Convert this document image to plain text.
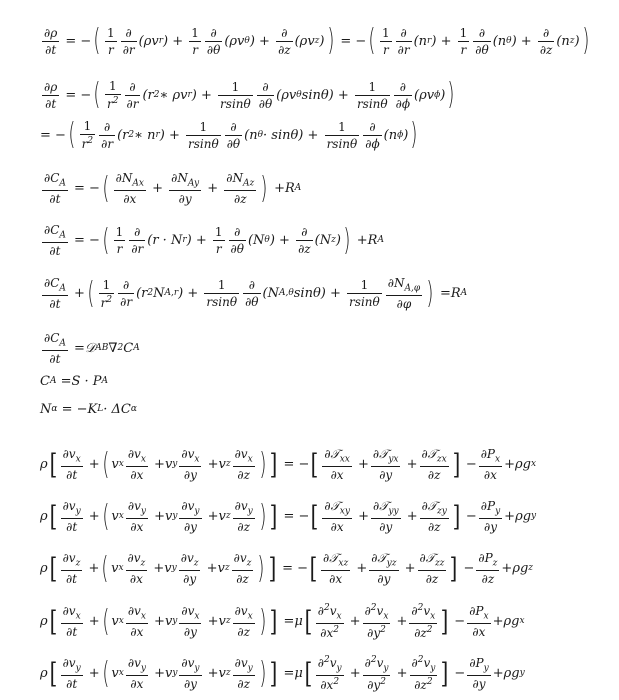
$\frac{\partial\rho}{\partial t}$ = − ( $\frac{1}{r} \frac{\partial}{\partial r} (\rho v$ r ) + $\frac{1}{r} \frac{\partial}{\partial\theta} (\rho v$ θ ) + $\frac{\partial}{\partial z} (\rho v$ z ) ) = − ( $\frac{1}{r} \frac{\partial}{\partial r} (n$ r ) + $\frac{1}{r} \frac{\partial}{\partial\theta} (n$ θ ) + $\frac{\partial}{\partial z} (n$ z ) )
$\frac{\partial\rho}{\partial t}$ = − ( $\frac{1}{r^2} \frac{\partial}{\partial r} (r$ 2 ∗ ρv r ) + $\frac{1}{rsin\theta} \frac{\partial}{\partial\theta} (\rho v$ θ $\sin\theta) + \frac{1}{rsin\theta} \frac{\partial}{\partial\phi} (\rho v$ ϕ ) )
= − ( $\frac{1}{r^2} \frac{\partial}{\partial r} (r$ 2 ∗ n r ) + $\frac{1}{rsin\theta} \frac{\partial}{\partial\theta} (n$ $\theta \cdot \sin\theta) + \frac{1}{rsin\theta} \frac{\partial}{\partial\phi} (n$ ϕ ) )
$\frac{\partial C_A}{\partial t}$ = − ( $\frac{\partial N_{Ax}}{\partial x} + \frac{\partial N_{Ay}}{\partial y} + \frac{\partial N_{Az}}{\partial z}$ ) + R A
$\frac{\partial C_A}{\partial t}$ = − ( $\frac{1}{r} \frac{\partial}{\partial r} (r \cdot N$ r ) + $\frac{1}{r} \frac{\partial}{\partial\theta} (N$ θ ) + $\frac{\partial}{\partial z} (N$ z ) ) + R A
$\frac{\partial C_A}{\partial t}$ + ( $\frac{1}{r^2} \frac{\partial}{\partial r} (r$ 2 N A,r ) + $\frac{1}{rsin\theta} \frac{\partial}{\partial\theta} (N$ A,θ $\sin\theta) + \frac{1}{rsin\theta} \frac{\partial N_{A,\varphi}}{\partial\varphi}$ ) = R A
$\frac{\partial C_A}{\partial t}$ = 𝒟 AB ∇ 2 C A
C A = S · P A
N α = − K L · ΔC α
ρ [ $\frac{\partial v_x}{\partial t}$ + ( v x $\frac{\partial v_x}{\partial x} + v$ y $\frac{\partial v_x}{\partial y} + v$ z $\frac{\partial v_x}{\partial z}$ ) ] = − [ $\frac{\partial 𝒯_{xx}}{\partial x} + \frac{\partial 𝒯_{yx}}{\partial y} + \frac{\partial 𝒯_{zx}}{\partial z}$ ] − $\frac{\partial P_x}{\partial x} + \rho g$ x
ρ [ $\frac{\partial v_y}{\partial t}$ + ( v x $\frac{\partial v_y}{\partial x} + v$ y $\frac{\partial v_y}{\partial y} + v$ z $\frac{\partial v_y}{\partial z}$ ) ] = − [ $\frac{\partial 𝒯_{xy}}{\partial x} + \frac{\partial 𝒯_{yy}}{\partial y} + \frac{\partial 𝒯_{zy}}{\partial z}$ ] − $\frac{\partial P_y}{\partial y} + \rho g$ y
ρ [ $\frac{\partial v_z}{\partial t}$ + ( v x $\frac{\partial v_z}{\partial x} + v$ y $\frac{\partial v_z}{\partial y} + v$ z $\frac{\partial v_z}{\partial z}$ ) ] = − [ $\frac{\partial 𝒯_{xz}}{\partial x} + \frac{\partial 𝒯_{yz}}{\partial y} + \frac{\partial 𝒯_{zz}}{\partial z}$ ] − $\frac{\partial P_z}{\partial z} + \rho g$ z
ρ [ $\frac{\partial v_x}{\partial t}$ + ( v x $\frac{\partial v_x}{\partial x} + v$ y $\frac{\partial v_x}{\partial y} + v$ z $\frac{\partial v_x}{\partial z}$ ) ] = μ [ $\frac{\partial^2v_x}{\partial x^2} + \frac{\partial^2v_x}{\partial y^2} + \frac{\partial^2v_x}{\partial z^2}$ ] − $\frac{\partial P_x}{\partial x} + \rho g$ x
ρ [ $\frac{\partial v_y}{\partial t}$ + ( v x $\frac{\partial v_y}{\partial x} + v$ y $\frac{\partial v_y}{\partial y} + v$ z $\frac{\partial v_y}{\partial z}$ ) ] = μ [ $\frac{\partial^2v_y}{\partial x^2} + \frac{\partial^2v_y}{\partial y^2} + \frac{\partial^2v_y}{\partial z^2}$ ] − $\frac{\partial P_y}{\partial y} + \rho g$ y
